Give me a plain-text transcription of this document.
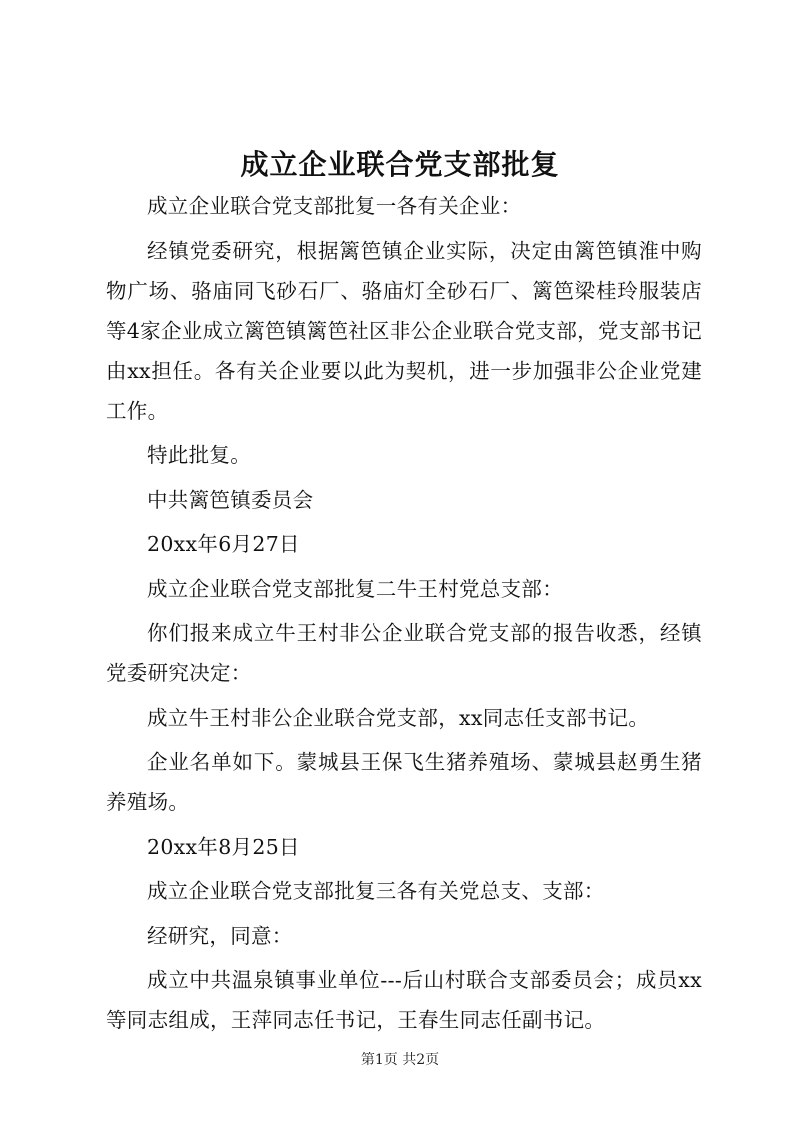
成立企业联合党支部批复

成立企业联合党支部批复一各有关企业：

经镇党委研究，根据篱笆镇企业实际，决定由篱笆镇淮中购物广场、骆庙同飞砂石厂、骆庙灯全砂石厂、篱笆梁桂玲服装店等4家企业成立篱笆镇篱笆社区非公企业联合党支部，党支部书记由xx担任。各有关企业要以此为契机，进一步加强非公企业党建工作。

特此批复。

中共篱笆镇委员会

20xx年6月27日

成立企业联合党支部批复二牛王村党总支部：

你们报来成立牛王村非公企业联合党支部的报告收悉，经镇党委研究决定：

成立牛王村非公企业联合党支部，xx同志任支部书记。

企业名单如下。蒙城县王保飞生猪养殖场、蒙城县赵勇生猪养殖场。

20xx年8月25日

成立企业联合党支部批复三各有关党总支、支部：

经研究，同意：

成立中共温泉镇事业单位---后山村联合支部委员会；成员xx等同志组成，王萍同志任书记，王春生同志任副书记。

第1页 共2页
